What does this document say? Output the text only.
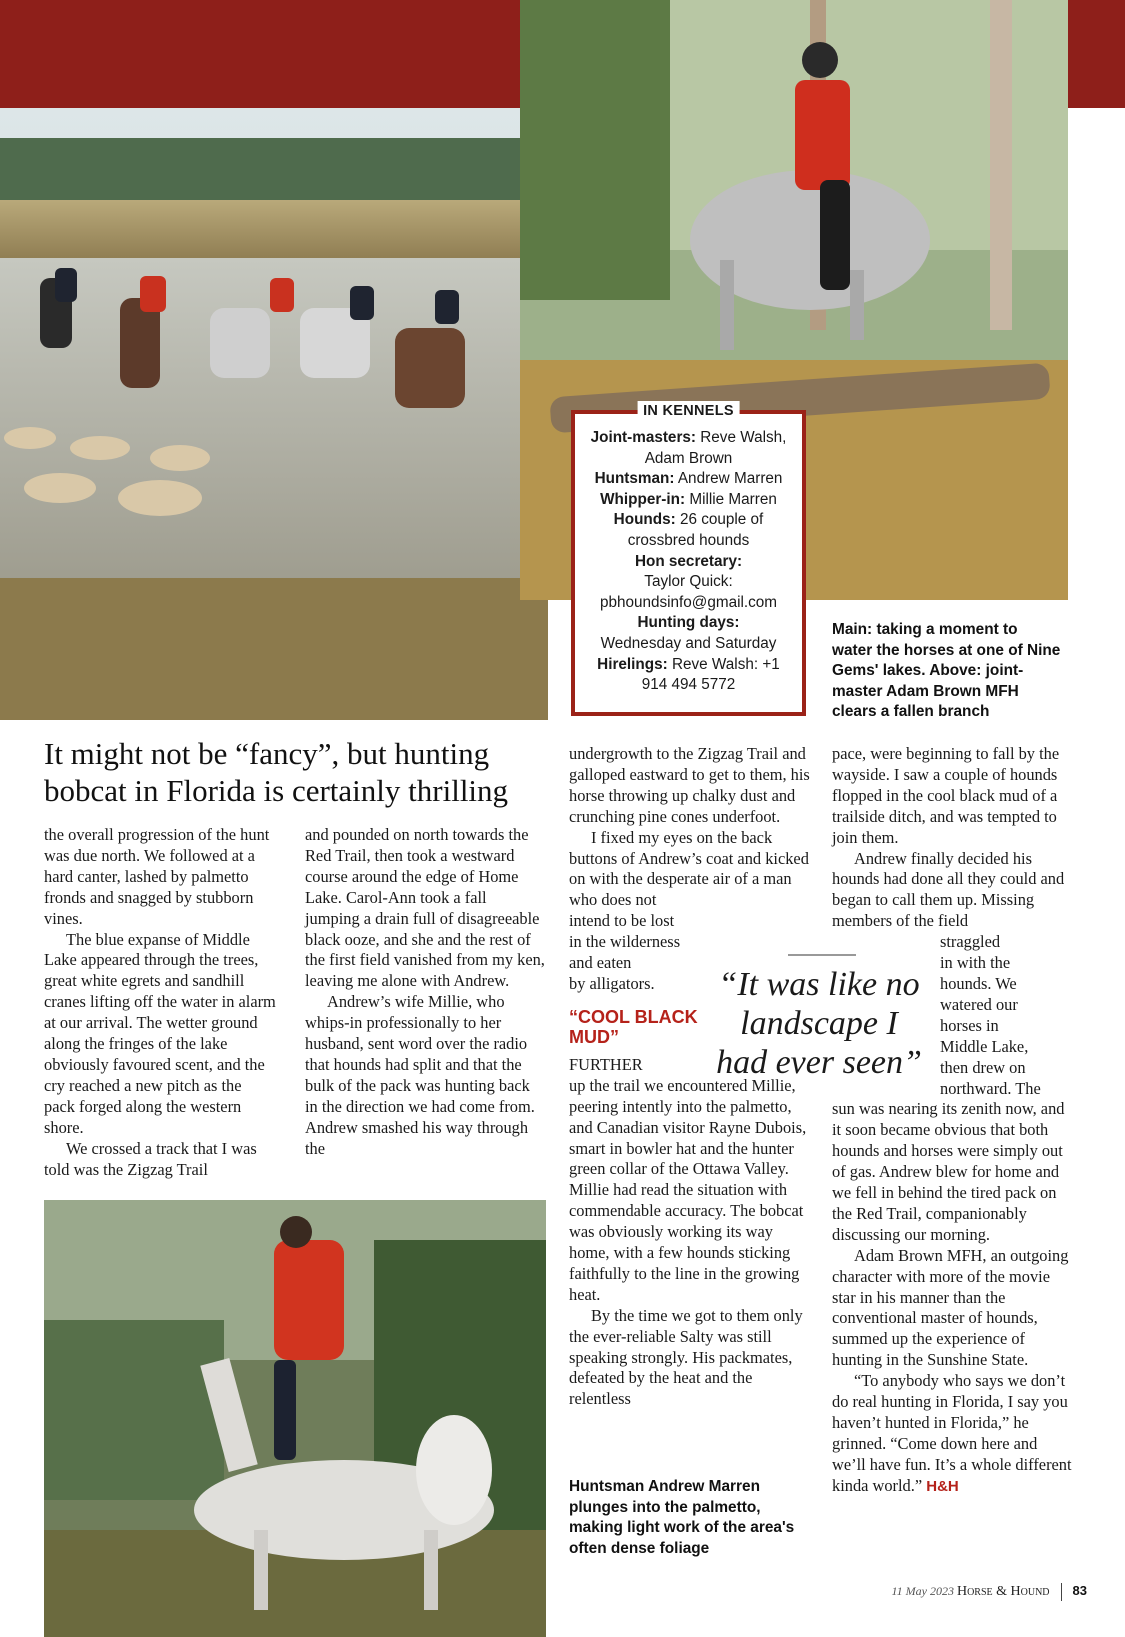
IN KENNELS
Joint-masters: Reve Walsh,
Adam Brown
Huntsman: Andrew Marren
Whipper-in: Millie Marren
Hounds: 26 couple of
crossbred hounds
Hon secretary:
Taylor Quick:
pbhoundsinfo@gmail.com
Hunting days:
Wednesday and Saturday
Hirelings: Reve Walsh: +1
914 494 5772
Main: taking a moment to water the horses at one of Nine Gems' lakes. Above: joint-master Adam Brown MFH clears a fallen branch
It might not be “fancy”, but hunting bobcat in Florida is certainly thrilling

the overall progression of the hunt was due north. We followed at a hard canter, lashed by palmetto fronds and snagged by stubborn vines.

The blue expanse of Middle Lake appeared through the trees, great white egrets and sandhill cranes lifting off the water in alarm at our arrival. The wetter ground along the fringes of the lake obviously favoured scent, and the cry reached a new pitch as the pack forged along the western shore.

We crossed a track that I was told was the Zigzag Trail

and pounded on north towards the Red Trail, then took a westward course around the edge of Home Lake. Carol-Ann took a fall jumping a drain full of disagreeable black ooze, and she and the rest of the first field vanished from my ken, leaving me alone with Andrew.

Andrew’s wife Millie, who whips-in professionally to her husband, sent word over the radio that hounds had split and that the bulk of the pack was hunting back in the direction we had come from. Andrew smashed his way through the

undergrowth to the Zigzag Trail and galloped eastward to get to them, his horse throwing up chalky dust and crunching pine cones underfoot.

I fixed my eyes on the back buttons of Andrew’s coat and kicked on with the desperate air of a man who does not

intend to be lost
in the wilderness
and eaten
by alligators.
“COOL BLACK MUD”
FURTHER

up the trail we encountered Millie, peering intently into the palmetto, and Canadian visitor Rayne Dubois, smart in bowler hat and the hunter green collar of the Ottawa Valley. Millie had read the situation with commendable accuracy. The bobcat was obviously working its way home, with a few hounds sticking faithfully to the line in the growing heat.

By the time we got to them only the ever-reliable Salty was still speaking strongly. His packmates, defeated by the heat and the relentless

pace, were beginning to fall by the wayside. I saw a couple of hounds flopped in the cool black mud of a trailside ditch, and was tempted to join them.

Andrew finally decided his hounds had done all they could and began to call them up. Missing members of the field

straggled
in with the
hounds. We
watered our
horses in
Middle Lake,
then drew on
northward. The

sun was nearing its zenith now, and it soon became obvious that both hounds and horses were simply out of gas. Andrew blew for home and we fell in behind the tired pack on the Red Trail, companionably discussing our morning.

Adam Brown MFH, an outgoing character with more of the movie star in his manner than the conventional master of hounds, summed up the experience of hunting in the Sunshine State.

“To anybody who says we don’t do real hunting in Florida, I say you haven’t hunted in Florida,” he grinned. “Come down here and we’ll have fun. It’s a whole different kinda world.” H&H

“It was like no landscape I had ever seen”
Huntsman Andrew Marren plunges into the palmetto, making light work of the area's often dense foliage
11 May 2023 Horse & Hound 83
